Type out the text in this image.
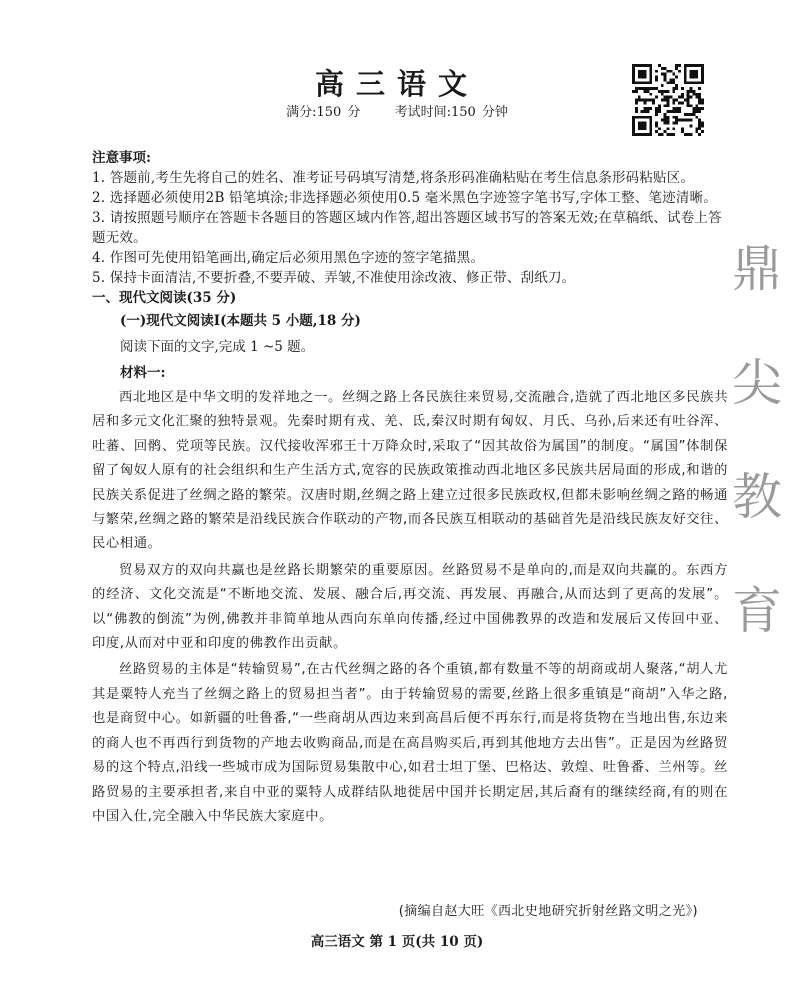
高三语文
满分:150 分	考试时间:150 分钟
鼎
尖
教
育

注意事项:

1. 答题前,考生先将自己的姓名、准考证号码填写清楚,将条形码准确粘贴在考生信息条形码粘贴区。
2. 选择题必须使用2B 铅笔填涂;非选择题必须使用0.5 毫米黑色字迹签字笔书写,字体工整、笔迹清晰。
3. 请按照题号顺序在答题卡各题目的答题区域内作答,超出答题区域书写的答案无效;在草稿纸、试卷上答题无效。
4. 作图可先使用铅笔画出,确定后必须用黑色字迹的签字笔描黑。
5. 保持卡面清洁,不要折叠,不要弄破、弄皱,不准使用涂改液、修正带、刮纸刀。

一、现代文阅读(35 分)

(一)现代文阅读Ⅰ(本题共 5 小题,18 分)

阅读下面的文字,完成 1 ~5 题。

材料一:

西北地区是中华文明的发祥地之一。丝绸之路上各民族往来贸易,交流融合,造就了西北地区多民族共居和多元文化汇聚的独特景观。先秦时期有戎、羌、氐,秦汉时期有匈奴、月氏、乌孙,后来还有吐谷浑、吐蕃、回鹘、党项等民族。汉代接收浑邪王十万降众时,采取了“因其故俗为属国”的制度。“属国”体制保留了匈奴人原有的社会组织和生产生活方式,宽容的民族政策推动西北地区多民族共居局面的形成,和谐的民族关系促进了丝绸之路的繁荣。汉唐时期,丝绸之路上建立过很多民族政权,但都未影响丝绸之路的畅通与繁荣,丝绸之路的繁荣是沿线民族合作联动的产物,而各民族互相联动的基础首先是沿线民族友好交往、民心相通。

贸易双方的双向共赢也是丝路长期繁荣的重要原因。丝路贸易不是单向的,而是双向共赢的。东西方的经济、文化交流是“不断地交流、发展、融合后,再交流、再发展、再融合,从而达到了更高的发展”。以“佛教的倒流”为例,佛教并非简单地从西向东单向传播,经过中国佛教界的改造和发展后又传回中亚、印度,从而对中亚和印度的佛教作出贡献。

丝路贸易的主体是“转输贸易”,在古代丝绸之路的各个重镇,都有数量不等的胡商或胡人聚落,“胡人尤其是粟特人充当了丝绸之路上的贸易担当者”。由于转输贸易的需要,丝路上很多重镇是“商胡”入华之路,也是商贸中心。如新疆的吐鲁番,“一些商胡从西边来到高昌后便不再东行,而是将货物在当地出售,东边来的商人也不再西行到货物的产地去收购商品,而是在高昌购买后,再到其他地方去出售”。正是因为丝路贸易的这个特点,沿线一些城市成为国际贸易集散中心,如君士坦丁堡、巴格达、敦煌、吐鲁番、兰州等。丝路贸易的主要承担者,来自中亚的粟特人成群结队地徙居中国并长期定居,其后裔有的继续经商,有的则在中国入仕,完全融入中华民族大家庭中。

(摘编自赵大旺《西北史地研究折射丝路文明之光》)
高三语文 第 1 页(共 10 页)
